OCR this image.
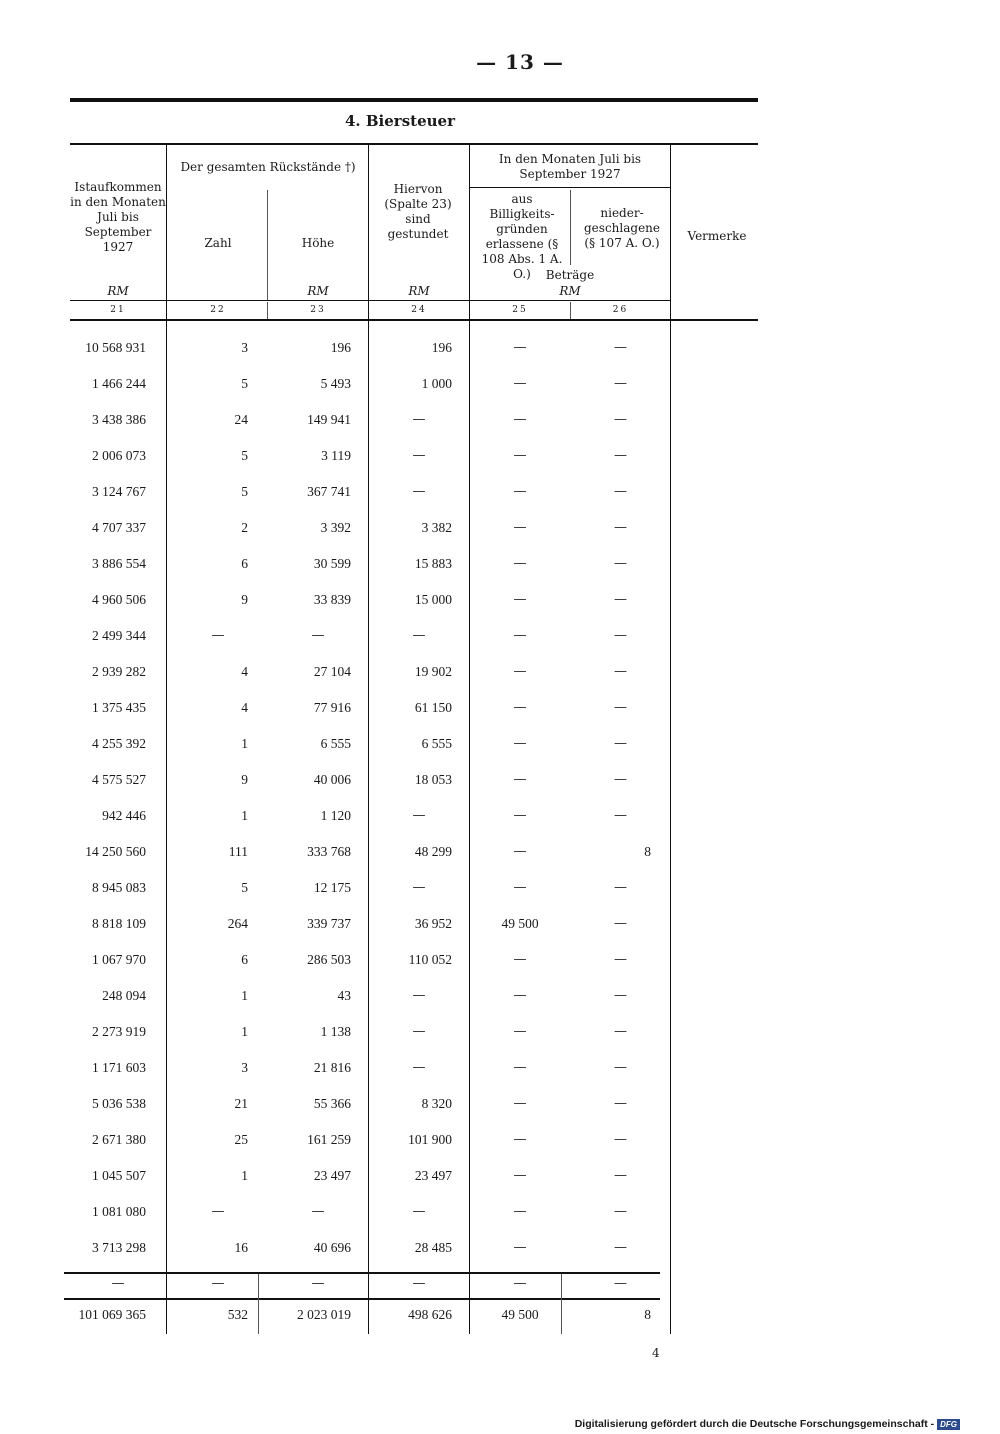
— 13 —
4. Biersteuer
Istaufkommen in den Monaten Juli bis September 1927
Der gesamten Rückstände †)
Zahl	Höhe
Hiervon (Spalte 23) sind gestundet
In den Monaten Juli bis September 1927
aus Billigkeits-gründen erlassene (§ 108 Abs. 1 A. O.)
nieder-geschlagene (§ 107 A. O.)
Beträge
Vermerke
RM	RM	RM	RM
21	22	23	24	25	26
10 568 931	3	196	196	—	—
1 466 244	5	5 493	1 000	—	—
3 438 386	24	149 941	—	—	—
2 006 073	5	3 119	—	—	—
3 124 767	5	367 741	—	—	—
4 707 337	2	3 392	3 382	—	—
3 886 554	6	30 599	15 883	—	—
4 960 506	9	33 839	15 000	—	—
2 499 344	—	—	—	—	—
2 939 282	4	27 104	19 902	—	—
1 375 435	4	77 916	61 150	—	—
4 255 392	1	6 555	6 555	—	—
4 575 527	9	40 006	18 053	—	—
942 446	1	1 120	—	—	—
14 250 560	111	333 768	48 299	—	8
8 945 083	5	12 175	—	—	—
8 818 109	264	339 737	36 952	49 500	—
1 067 970	6	286 503	110 052	—	—
248 094	1	43	—	—	—
2 273 919	1	1 138	—	—	—
1 171 603	3	21 816	—	—	—
5 036 538	21	55 366	8 320	—	—
2 671 380	25	161 259	101 900	—	—
1 045 507	1	23 497	23 497	—	—
1 081 080	—	—	—	—	—
3 713 298	16	40 696	28 485	—	—
—	—	—	—	—	—
101 069 365	532	2 023 019	498 626	49 500	8
4
Digitalisierung gefördert durch die Deutsche Forschungsgemeinschaft - DFG
